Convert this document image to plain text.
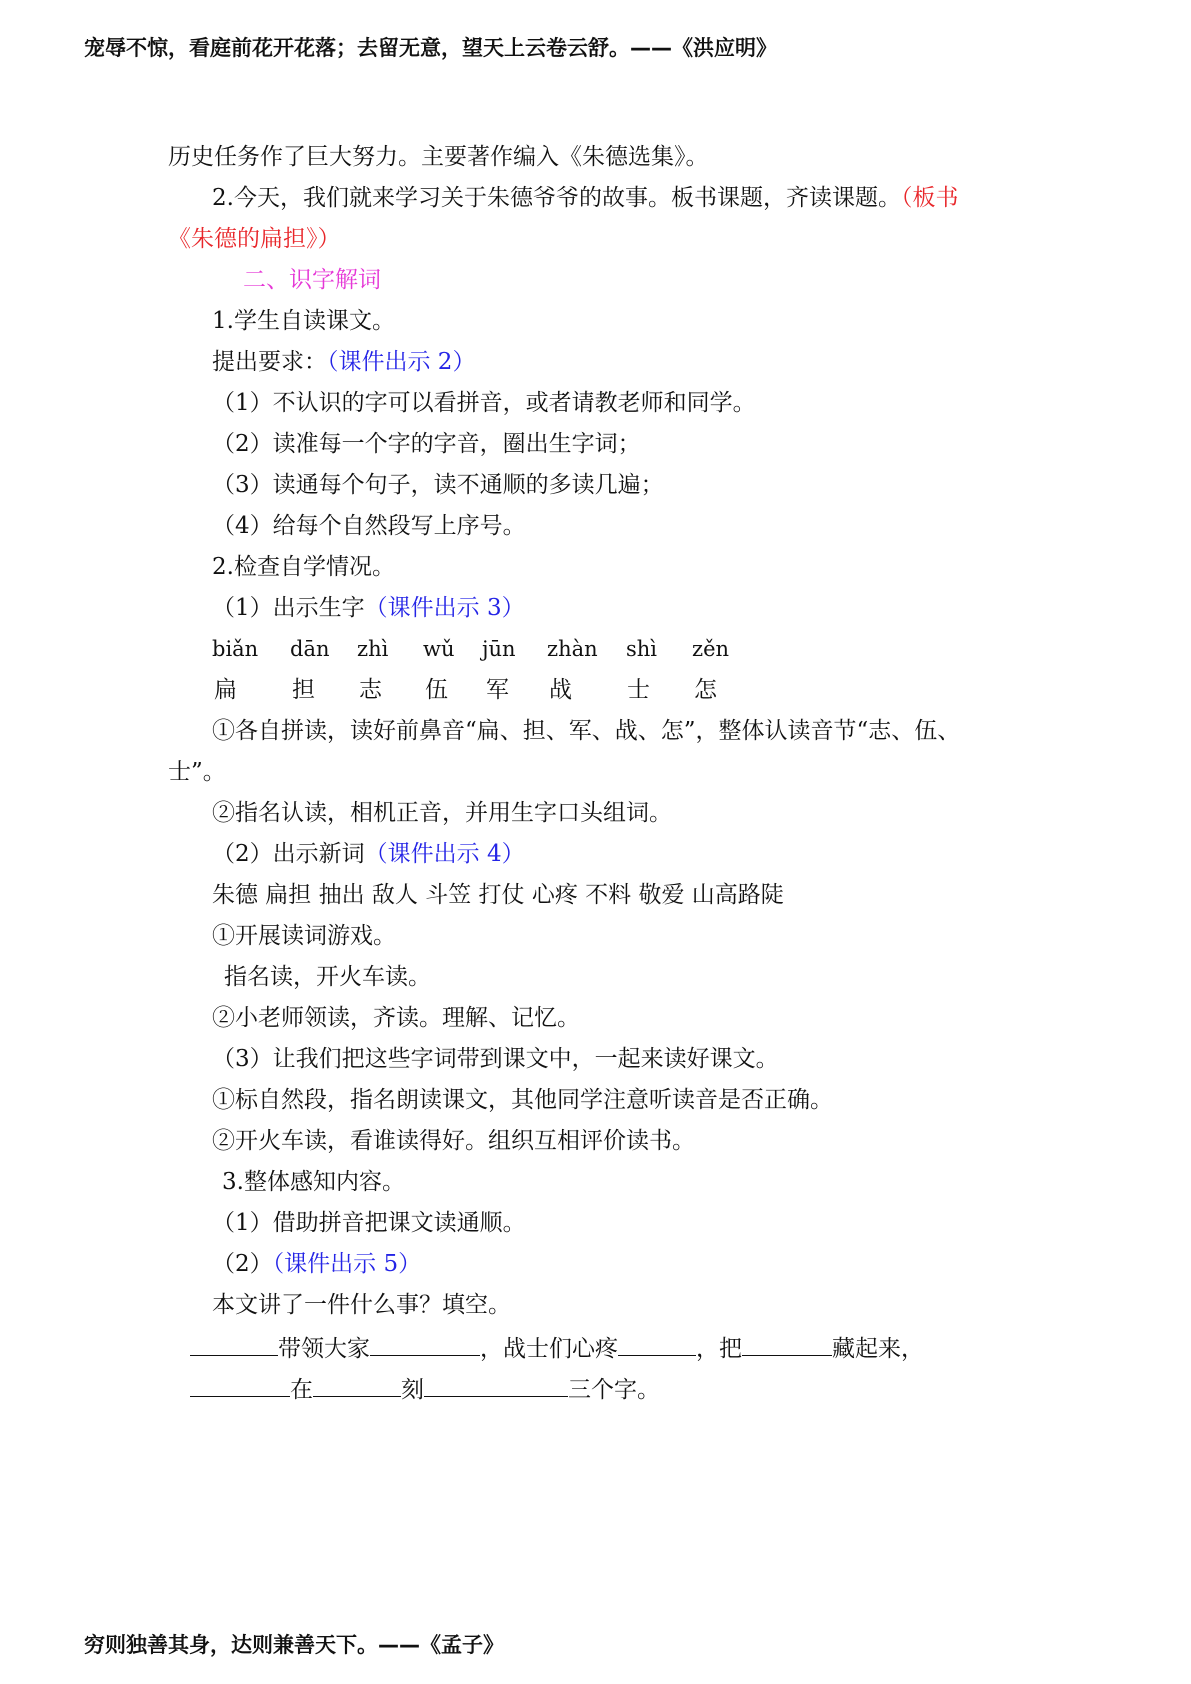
宠辱不惊，看庭前花开花落；去留无意，望天上云卷云舒。——《洪应明》

历史任务作了巨大努力。主要著作编入《朱德选集》。

2.今天，我们就来学习关于朱德爷爷的故事。板书课题，齐读课题。（板书

《朱德的扁担》）

二、识字解词

1.学生自读课文。

提出要求：（课件出示 2）

（1）不认识的字可以看拼音，或者请教老师和同学。

（2）读准每一个字的字音，圈出生字词；

（3）读通每个句子，读不通顺的多读几遍；

（4）给每个自然段写上序号。

2.检查自学情况。

（1）出示生字（课件出示 3）

biǎn dān zhì wǔ jūn zhàn shì zěn
扁 担 志 伍 军 战 士 怎

①各自拼读，读好前鼻音“扁、担、军、战、怎”，整体认读音节“志、伍、

士”。

②指名认读，相机正音，并用生字口头组词。

（2）出示新词（课件出示 4）

朱德 扁担 抽出 敌人 斗笠 打仗 心疼 不料 敬爱 山高路陡

①开展读词游戏。

指名读，开火车读。

②小老师领读，齐读。理解、记忆。

（3）让我们把这些字词带到课文中，一起来读好课文。

①标自然段，指名朗读课文，其他同学注意听读音是否正确。

②开火车读，看谁读得好。组织互相评价读书。

3.整体感知内容。

（1）借助拼音把课文读通顺。

（2）（课件出示 5）

本文讲了一件什么事？填空。

带领大家	，战士们心疼	，把	藏起来，

在	刻	三个字。

穷则独善其身，达则兼善天下。——《孟子》
